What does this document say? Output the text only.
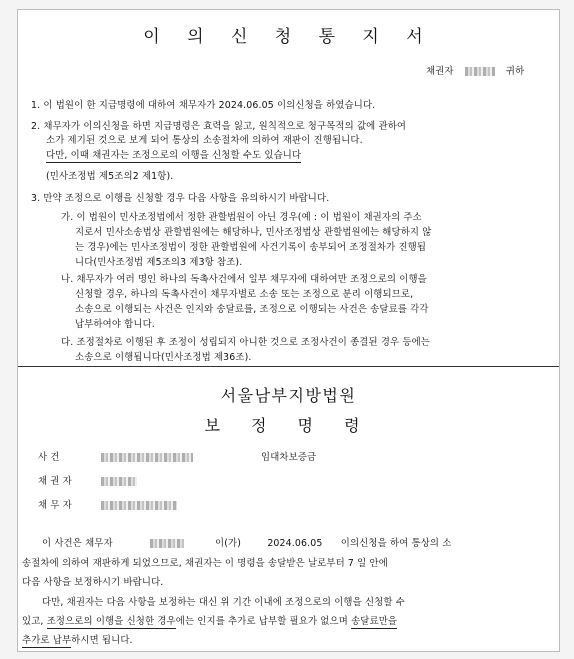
이 의 신 청 통 지 서
채권자	귀하
1. 이 법원이 한 지급명령에 대하여 채무자가 2024.06.05 이의신청을 하였습니다.
2. 채무자가 이의신청을 하면 지급명령은 효력을 잃고, 원칙적으로 청구목적의 값에 관하여
소가 제기된 것으로 보게 되어 통상의 소송절차에 의하여 재판이 진행됩니다.
다만, 이때 채권자는 조정으로의 이행을 신청할 수도 있습니다
(민사조정법 제5조의2 제1항).
3. 만약 조정으로 이행을 신청할 경우 다음 사항을 유의하시기 바랍니다.
가. 이 법원이 민사조정법에서 정한 관할법원이 아닌 경우(예 : 이 법원이 채권자의 주소
지로서 민사소송법상 관할법원에는 해당하나, 민사조정법상 관할법원에는 해당하지 않
는 경우)에는 민사조정법이 정한 관할법원에 사건기록이 송부되어 조정절차가 진행됩
니다(민사조정법 제5조의3 제3항 참조).
나. 채무자가 여러 명인 하나의 독촉사건에서 일부 채무자에 대하여만 조정으로의 이행을
신청할 경우, 하나의 독촉사건이 채무자별로 소송 또는 조정으로 분리 이행되므로,
소송으로 이행되는 사건은 인지와 송달료를, 조정으로 이행되는 사건은 송달료를 각각
납부하여야 합니다.
다. 조정절차로 이행된 후 조정이 성립되지 아니한 것으로 조정사건이 종결된 경우 등에는
소송으로 이행됩니다(민사조정법 제36조).
서울남부지방법원
보 정 명 령
사 건	임대차보증금
채 권 자
채 무 자
이 사건은 채무자	이(가)	2024.06.05 이의신청을 하여 통상의 소
송절차에 의하여 재판하게 되었으므로, 채권자는 이 명령을 송달받은 날로부터 7 일 안에
다음 사항을 보정하시기 바랍니다.
다만, 채권자는 다음 사항을 보정하는 대신 위 기간 이내에 조정으로의 이행을 신청할 수
있고, 조정으로의 이행을 신청한 경우에는 인지를 추가로 납부할 필요가 없으며 송달료만을
추가로 납부하시면 됩니다.
